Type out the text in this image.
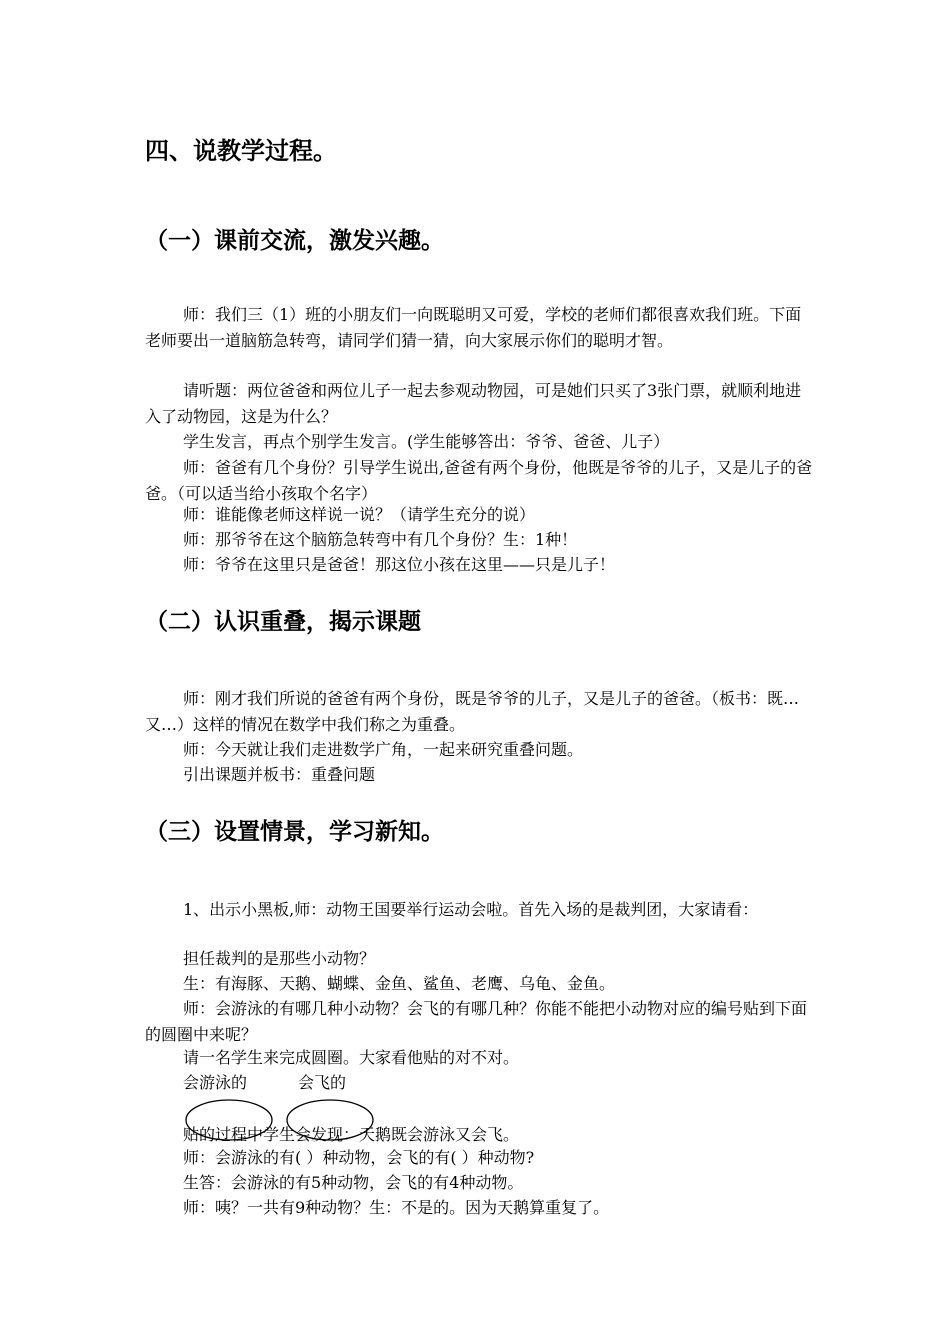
四、说教学过程。
（一）课前交流，激发兴趣。

师：我们三（1）班的小朋友们一向既聪明又可爱，学校的老师们都很喜欢我们班。下面老师要出一道脑筋急转弯，请同学们猜一猜，向大家展示你们的聪明才智。

请听题：两位爸爸和两位儿子一起去参观动物园，可是她们只买了3张门票，就顺利地进入了动物园，这是为什么？

学生发言，再点个别学生发言。(学生能够答出：爷爷、爸爸、儿子）

师：爸爸有几个身份？引导学生说出,爸爸有两个身份，他既是爷爷的儿子，又是儿子的爸爸。（可以适当给小孩取个名字）

师：谁能像老师这样说一说？（请学生充分的说）

师：那爷爷在这个脑筋急转弯中有几个身份？生：1种！

师：爷爷在这里只是爸爸！那这位小孩在这里——只是儿子！

（二）认识重叠，揭示课题

师：刚才我们所说的爸爸有两个身份，既是爷爷的儿子，又是儿子的爸爸。（板书：既…又…）这样的情况在数学中我们称之为重叠。

师：今天就让我们走进数学广角，一起来研究重叠问题。

引出课题并板书：重叠问题

（三）设置情景，学习新知。

1、出示小黑板,师：动物王国要举行运动会啦。首先入场的是裁判团，大家请看：

担任裁判的是那些小动物？

生：有海豚、天鹅、蝴蝶、金鱼、鲨鱼、老鹰、乌龟、金鱼。

师：会游泳的有哪几种小动物？会飞的有哪几种？你能不能把小动物对应的编号贴到下面的圆圈中来呢？

请一名学生来完成圆圈。大家看他贴的对不对。

会游泳的	会飞的
贴的过程中学生会发现：天鹅既会游泳又会飞。
师：会游泳的有( ）种动物，会飞的有( ）种动物?
生答：会游泳的有5种动物，会飞的有4种动物。
师：咦？一共有9种动物？生：不是的。因为天鹅算重复了。
